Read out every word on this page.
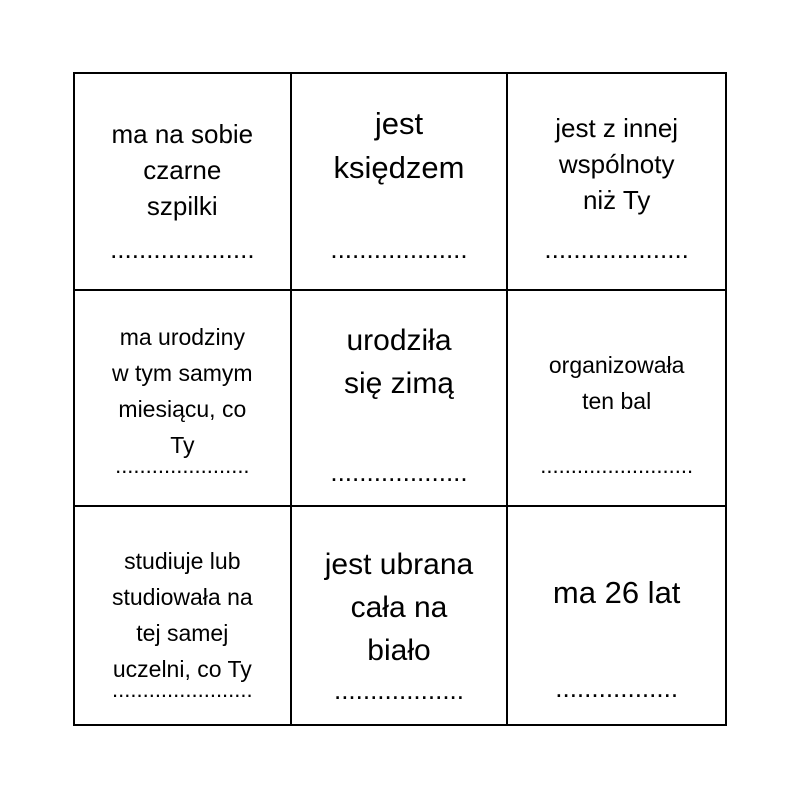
ma na sobie
czarne
szpilki
....................
jest
księdzem
...................
jest z innej
wspólnoty
niż Ty
....................
ma urodziny
w tym samym
miesiącu, co
Ty
......................
urodziła
się zimą
...................
organizowała
ten bal
.........................
studiuje lub
studiowała na
tej samej
uczelni, co Ty
.......................
jest ubrana
cała na
biało
..................
ma 26 lat
.................
